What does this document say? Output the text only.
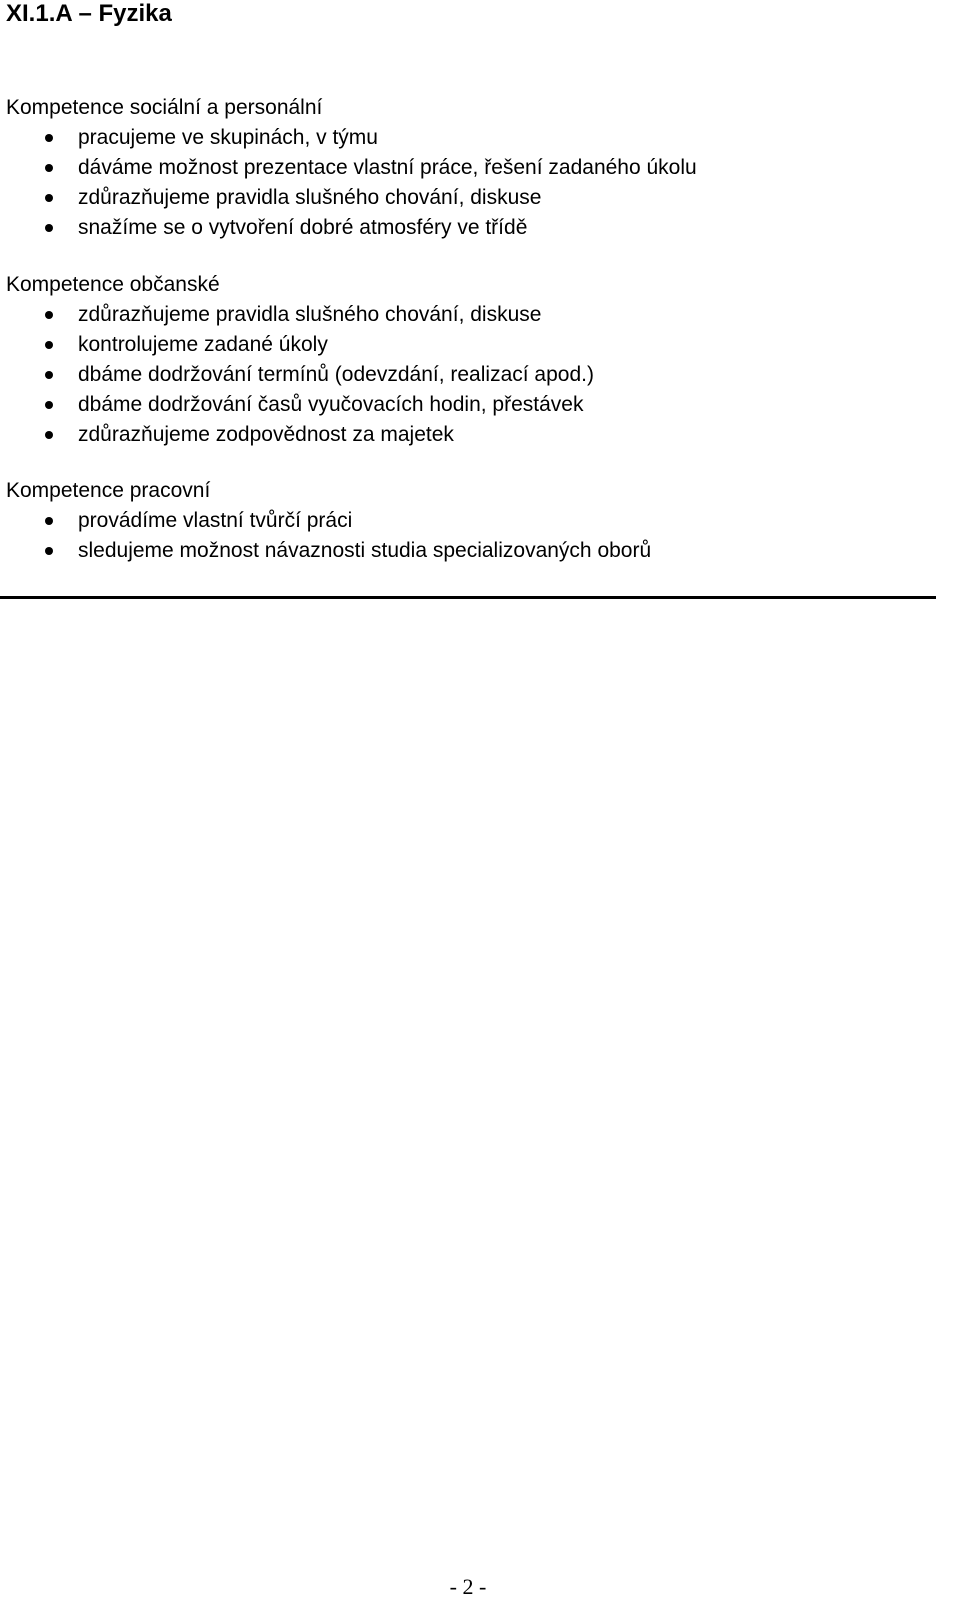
XI.1.A – Fyzika
Kompetence sociální a personální
pracujeme ve skupinách, v týmu
dáváme možnost prezentace vlastní práce, řešení zadaného úkolu
zdůrazňujeme pravidla slušného chování, diskuse
snažíme se o vytvoření dobré atmosféry ve třídě
Kompetence občanské
zdůrazňujeme pravidla slušného chování, diskuse
kontrolujeme zadané úkoly
dbáme dodržování termínů (odevzdání, realizací apod.)
dbáme dodržování časů vyučovacích hodin, přestávek
zdůrazňujeme zodpovědnost za majetek
Kompetence pracovní
provádíme vlastní tvůrčí práci
sledujeme možnost návaznosti studia specializovaných oborů
- 2 -
